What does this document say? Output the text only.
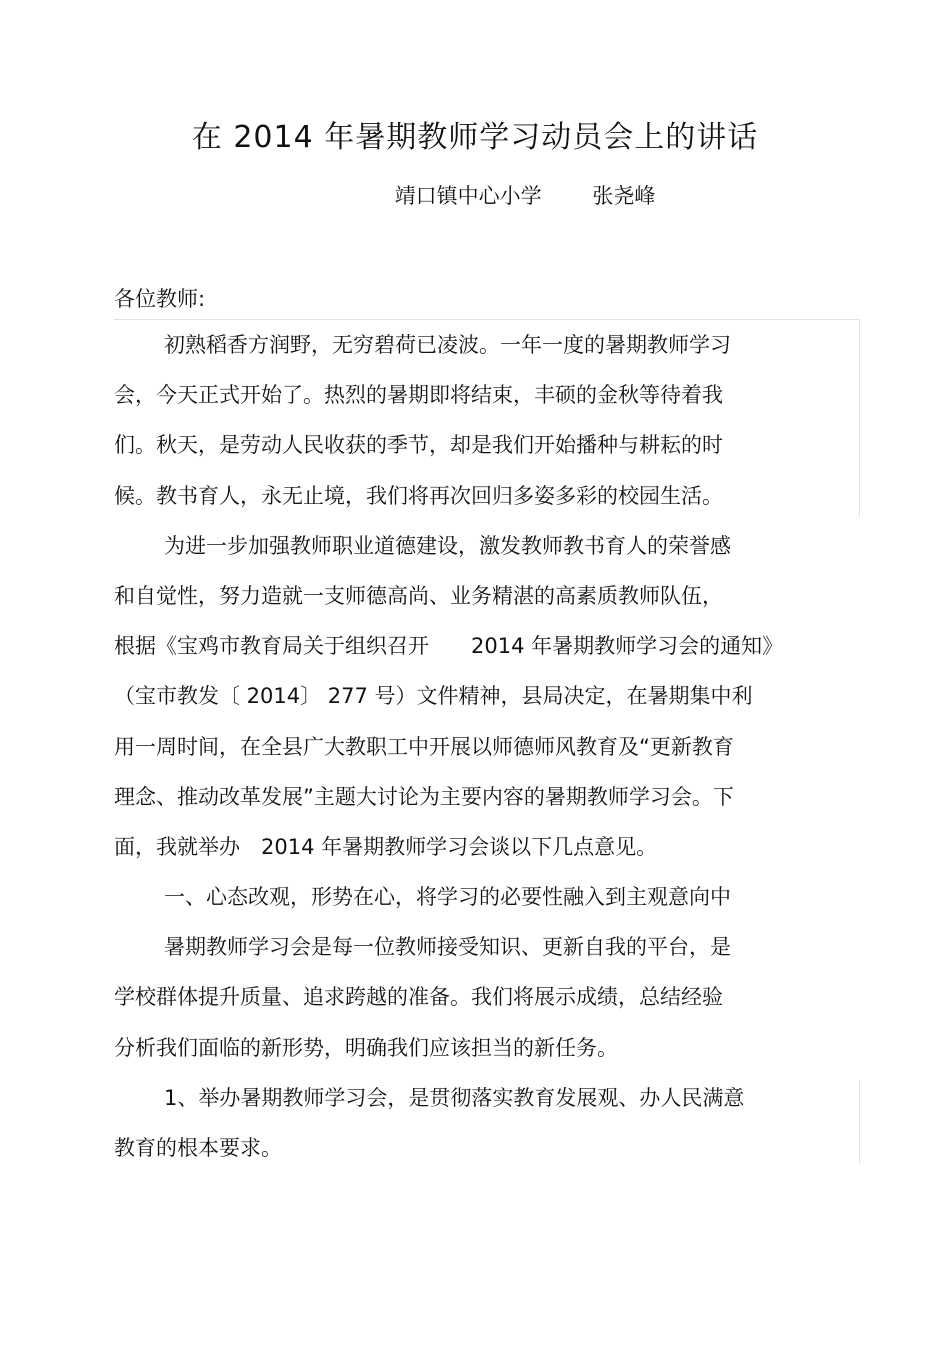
在 2014 年暑期教师学习动员会上的讲话
靖口镇中心小学 张尧峰
各位教师:
初熟稻香方润野，无穷碧荷已凌波。一年一度的暑期教师学习
会，今天正式开始了。热烈的暑期即将结束，丰硕的金秋等待着我
们。秋天，是劳动人民收获的季节，却是我们开始播种与耕耘的时
候。教书育人，永无止境，我们将再次回归多姿多彩的校园生活。
为进一步加强教师职业道德建设，激发教师教书育人的荣誉感
和自觉性，努力造就一支师德高尚、业务精湛的高素质教师队伍，
根据《宝鸡市教育局关于组织召开　　2014 年暑期教师学习会的通知》
（宝市教发〔 2014〕 277 号）文件精神，县局决定，在暑期集中利
用一周时间，在全县广大教职工中开展以师德师风教育及“更新教育
理念、推动改革发展”主题大讨论为主要内容的暑期教师学习会。下
面，我就举办　2014 年暑期教师学习会谈以下几点意见。
一、心态改观，形势在心，将学习的必要性融入到主观意向中
暑期教师学习会是每一位教师接受知识、更新自我的平台，是
学校群体提升质量、追求跨越的准备。我们将展示成绩，总结经验
分析我们面临的新形势，明确我们应该担当的新任务。
1、举办暑期教师学习会，是贯彻落实教育发展观、办人民满意
教育的根本要求。
